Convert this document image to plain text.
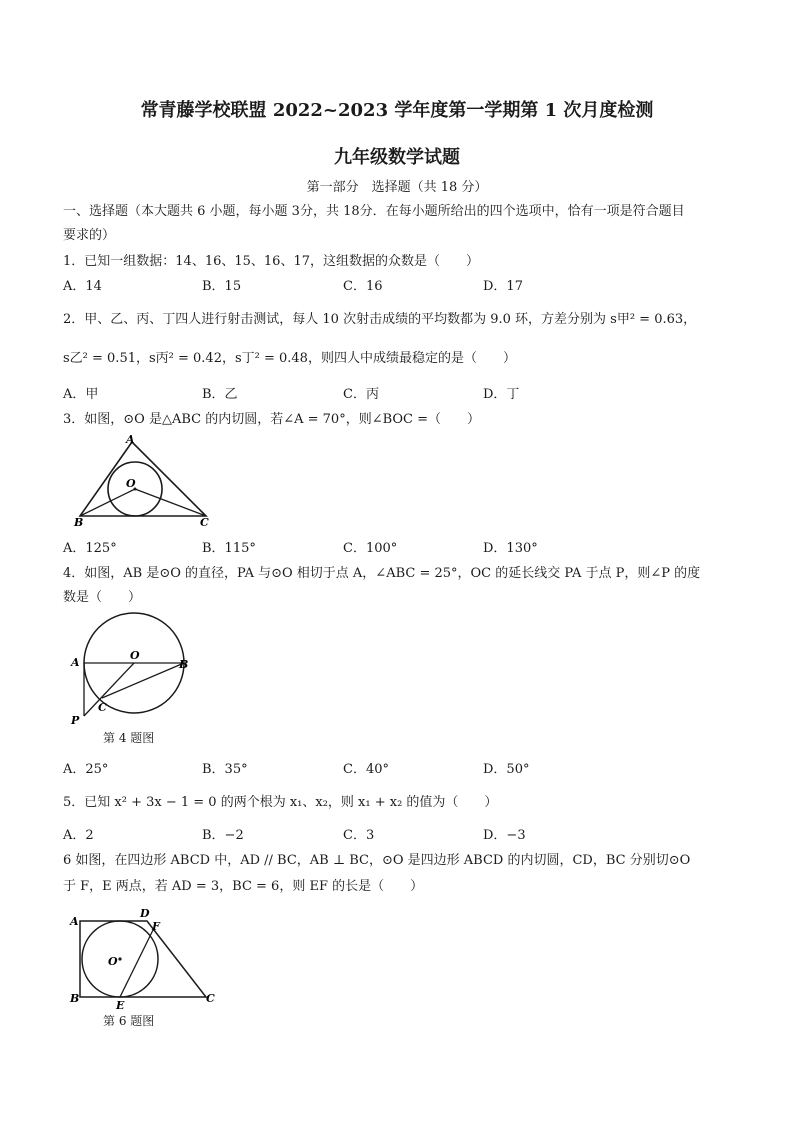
常青藤学校联盟 2022~2023 学年度第一学期第 1 次月度检测
九年级数学试题
第一部分　选择题（共 18 分）
一、选择题（本大题共 6 小题，每小题 3分，共 18分．在每小题所给出的四个选项中，恰有一项是符合题目
要求的）
1．已知一组数据：14、16、15、16、17，这组数据的众数是（　　）
A．14	B．15	C．16	D．17
2．甲、乙、丙、丁四人进行射击测试，每人 10 次射击成绩的平均数都为 9.0 环，方差分别为 s甲² = 0.63，
s乙² = 0.51，s丙² = 0.42，s丁² = 0.48，则四人中成绩最稳定的是（　　）
A．甲	B．乙	C．丙	D．丁
3．如图，⊙O 是△ABC 的内切圆，若∠A = 70°，则∠BOC =（　　）
A
O
B	C
A．125°	B．115°	C．100°	D．130°
4．如图，AB 是⊙O 的直径，PA 与⊙O 相切于点 A，∠ABC = 25°，OC 的延长线交 PA 于点 P，则∠P 的度
数是（　　）
A
O
B
C
P
第 4 题图
A．25°	B．35°	C．40°	D．50°
5．已知 x² + 3x − 1 = 0 的两个根为 x₁、x₂，则 x₁ + x₂ 的值为（　　）
A．2	B．−2	C．3	D．−3
6 如图，在四边形 ABCD 中，AD // BC，AB ⊥ BC，⊙O 是四边形 ABCD 的内切圆，CD，BC 分别切⊙O
于 F，E 两点，若 AD = 3，BC = 6，则 EF 的长是（　　）
A
D
F
O
B
E
C
第 6 题图
